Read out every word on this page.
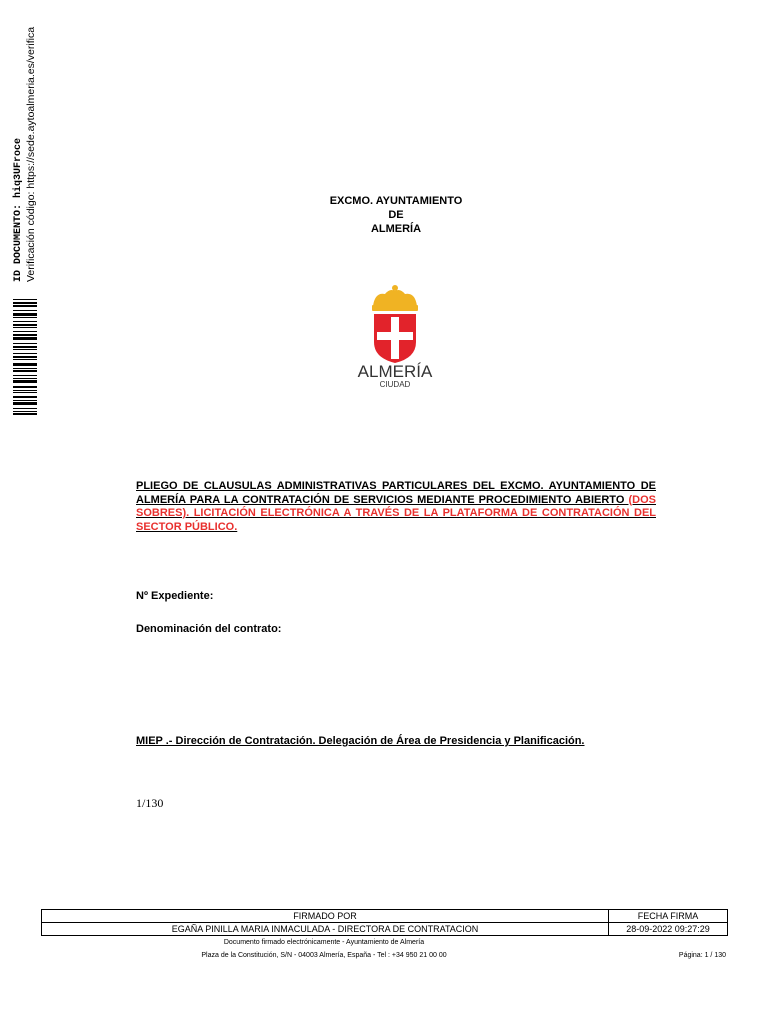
ID DOCUMENTO: hiq3UFroce Verificación código: https://sede.aytoalmeria.es/verifica	EXCMO. AYUNTAMIENTO
DE
ALMERÍA
ALMERÍA
CIUDAD
PLIEGO DE CLAUSULAS ADMINISTRATIVAS PARTICULARES DEL EXCMO. AYUNTAMIENTO DE ALMERÍA PARA LA CONTRATACIÓN DE SERVICIOS MEDIANTE PROCEDIMIENTO ABIERTO (DOS SOBRES). LICITACIÓN ELECTRÓNICA A TRAVÉS DE LA PLATAFORMA DE CONTRATACIÓN DEL SECTOR PÚBLICO.
Nº Expediente:
Denominación del contrato:
MIEP .- Dirección de Contratación. Delegación de Área de Presidencia y Planificación.
1/130
FIRMADO POR	FECHA FIRMA
EGAÑA PINILLA MARIA INMACULADA - DIRECTORA DE CONTRATACION	28-09-2022 09:27:29
Documento firmado electrónicamente - Ayuntamiento de Almería
Plaza de la Constitución, S/N - 04003 Almería, España - Tel : +34 950 21 00 00	Página: 1 / 130
